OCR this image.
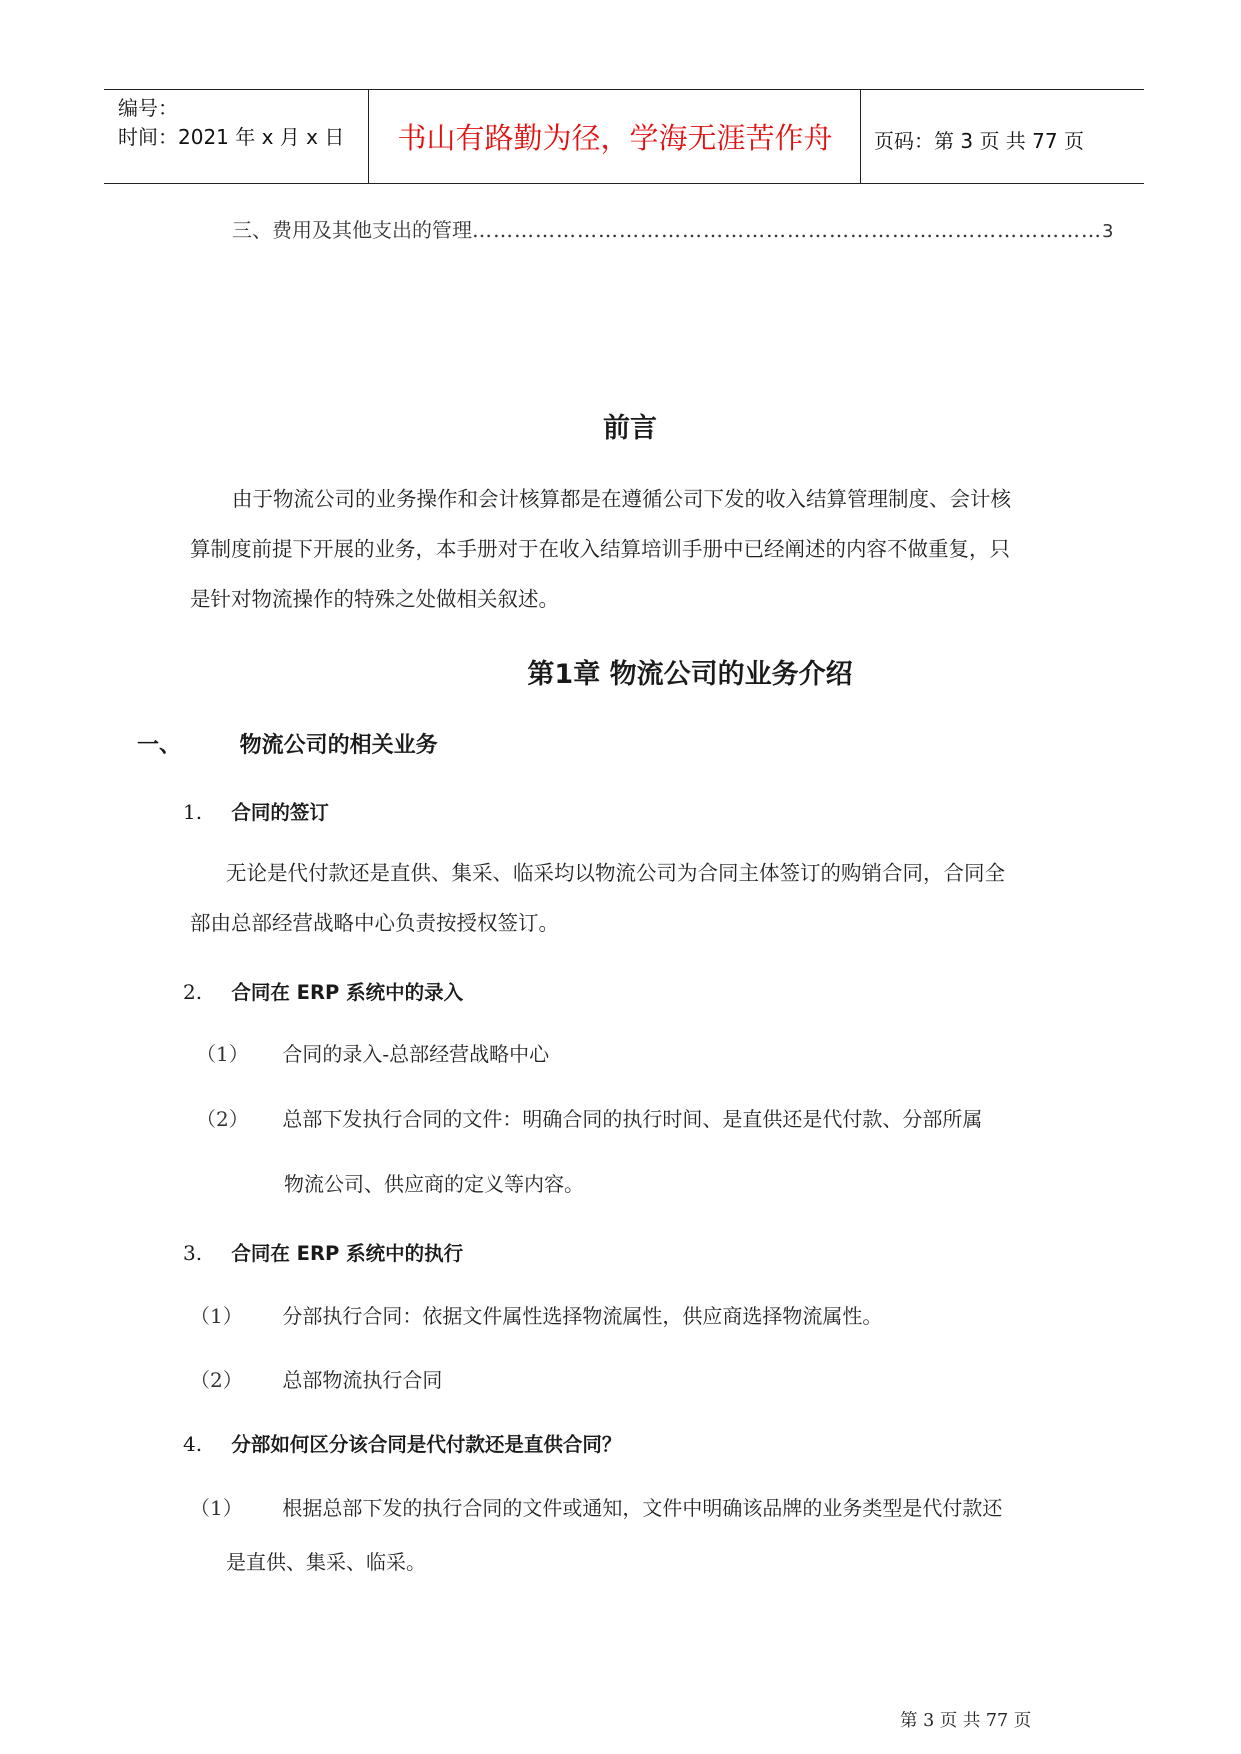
编号：
时间：2021 年 x 月 x 日	书山有路勤为径，学海无涯苦作舟	页码：第 3 页 共 77 页
三、 费用及其他支出的管理 ……………………………………………………………………………… 3
前言
由于物流公司的业务操作和会计核算都是在遵循公司下发的收入结算管理制度、会计核
算制度前提下开展的业务，本手册对于在收入结算培训手册中已经阐述的内容不做重复，只
是针对物流操作的特殊之处做相关叙述。
第1章 物流公司的业务介绍
一、	物流公司的相关业务
1. 合同的签订
无论是代付款还是直供、集采、临采均以物流公司为合同主体签订的购销合同，合同全
部由总部经营战略中心负责按授权签订。
2. 合同在 ERP 系统中的录入
（1） 合同的录入-总部经营战略中心
（2） 总部下发执行合同的文件：明确合同的执行时间、是直供还是代付款、分部所属
物流公司、供应商的定义等内容。
3. 合同在 ERP 系统中的执行
（1） 分部执行合同：依据文件属性选择物流属性，供应商选择物流属性。
（2） 总部物流执行合同
4. 分部如何区分该合同是代付款还是直供合同？
（1） 根据总部下发的执行合同的文件或通知，文件中明确该品牌的业务类型是代付款还
是直供、集采、临采。
第 3 页 共 77 页
